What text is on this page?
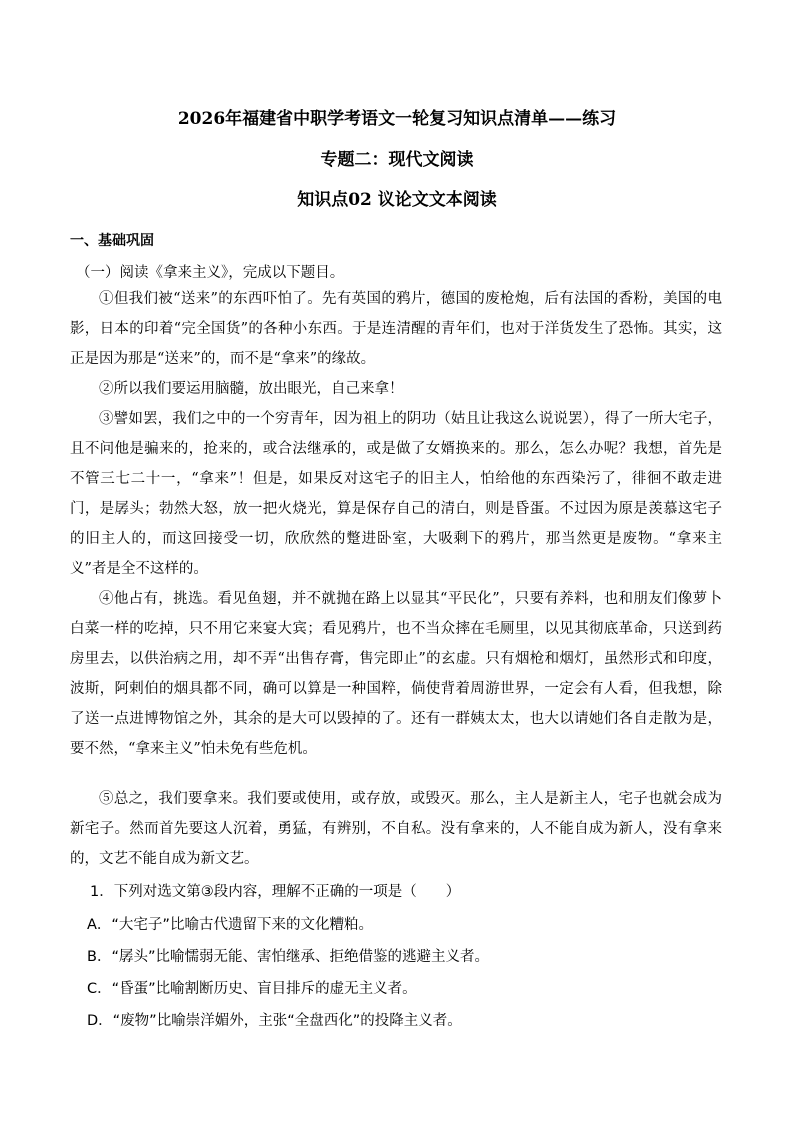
2026年福建省中职学考语文一轮复习知识点清单——练习
专题二：现代文阅读
知识点02 议论文文本阅读
一、基础巩固
（一）阅读《拿来主义》，完成以下题目。

①但我们被“送来”的东西吓怕了。先有英国的鸦片，德国的废枪炮，后有法国的香粉，美国的电影，日本的印着“完全国货”的各种小东西。于是连清醒的青年们，也对于洋货发生了恐怖。其实，这正是因为那是“送来”的，而不是“拿来”的缘故。

②所以我们要运用脑髓，放出眼光，自己来拿！

③譬如罢，我们之中的一个穷青年，因为祖上的阴功（姑且让我这么说说罢），得了一所大宅子，且不问他是骗来的，抢来的，或合法继承的，或是做了女婿换来的。那么，怎么办呢？我想，首先是不管三七二十一，“拿来”！但是，如果反对这宅子的旧主人，怕给他的东西染污了，徘徊不敢走进门，是孱头；勃然大怒，放一把火烧光，算是保存自己的清白，则是昏蛋。不过因为原是羡慕这宅子的旧主人的，而这回接受一切，欣欣然的蹩进卧室，大吸剩下的鸦片，那当然更是废物。“拿来主义”者是全不这样的。

④他占有，挑选。看见鱼翅，并不就抛在路上以显其“平民化”，只要有养料，也和朋友们像萝卜白菜一样的吃掉，只不用它来宴大宾；看见鸦片，也不当众摔在毛厕里，以见其彻底革命，只送到药房里去，以供治病之用，却不弄“出售存膏，售完即止”的玄虚。只有烟枪和烟灯，虽然形式和印度，波斯，阿剌伯的烟具都不同，确可以算是一种国粹，倘使背着周游世界，一定会有人看，但我想，除了送一点进博物馆之外，其余的是大可以毁掉的了。还有一群姨太太，也大以请她们各自走散为是，要不然，“拿来主义”怕未免有些危机。

⑤总之，我们要拿来。我们要或使用，或存放，或毁灭。那么，主人是新主人，宅子也就会成为新宅子。然而首先要这人沉着，勇猛，有辨别，不自私。没有拿来的，人不能自成为新人，没有拿来的，文艺不能自成为新文艺。

1．下列对选文第③段内容，理解不正确的一项是（　　）
A．“大宅子”比喻古代遗留下来的文化糟粕。
B．“孱头”比喻懦弱无能、害怕继承、拒绝借鉴的逃避主义者。
C．“昏蛋”比喻割断历史、盲目排斥的虚无主义者。
D．“废物”比喻崇洋媚外，主张“全盘西化”的投降主义者。
